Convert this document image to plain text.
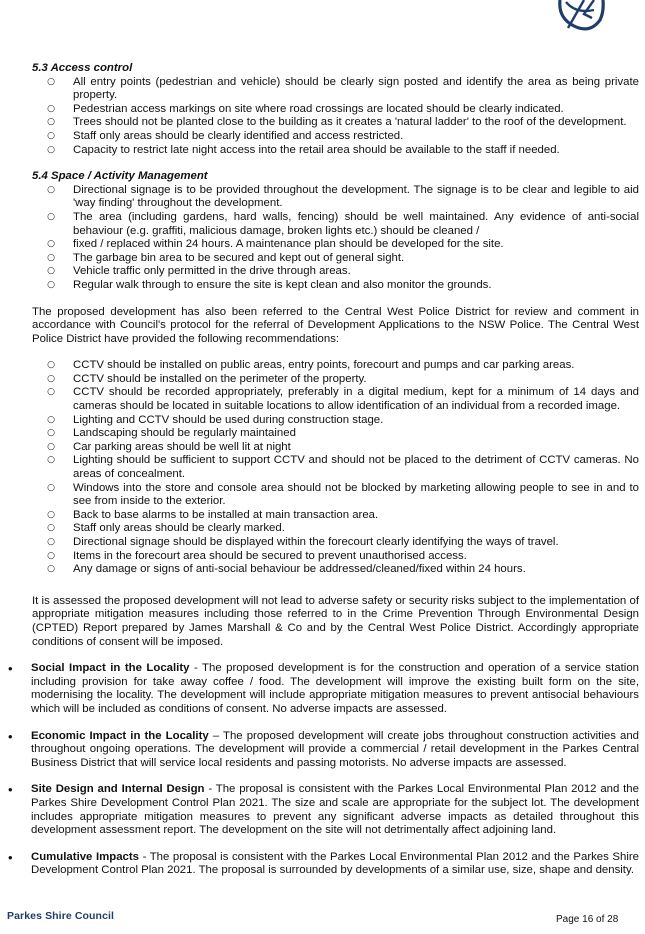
5.3 Access control

○ All entry points (pedestrian and vehicle) should be clearly sign posted and identify the area as being private property.
○ Pedestrian access markings on site where road crossings are located should be clearly indicated.
○ Trees should not be planted close to the building as it creates a 'natural ladder' to the roof of the development.
○ Staff only areas should be clearly identified and access restricted.
○ Capacity to restrict late night access into the retail area should be available to the staff if needed.

5.4 Space / Activity Management

○ Directional signage is to be provided throughout the development. The signage is to be clear and legible to aid 'way finding' throughout the development.
○ The area (including gardens, hard walls, fencing) should be well maintained. Any evidence of anti-social behaviour (e.g. graffiti, malicious damage, broken lights etc.) should be cleaned /
○ fixed / replaced within 24 hours. A maintenance plan should be developed for the site.
○ The garbage bin area to be secured and kept out of general sight.
○ Vehicle traffic only permitted in the drive through areas.
○ Regular walk through to ensure the site is kept clean and also monitor the grounds.

The proposed development has also been referred to the Central West Police District for review and comment in accordance with Council's protocol for the referral of Development Applications to the NSW Police. The Central West Police District have provided the following recommendations:

○ CCTV should be installed on public areas, entry points, forecourt and pumps and car parking areas.
○ CCTV should be installed on the perimeter of the property.
○ CCTV should be recorded appropriately, preferably in a digital medium, kept for a minimum of 14 days and cameras should be located in suitable locations to allow identification of an individual from a recorded image.
○ Lighting and CCTV should be used during construction stage.
○ Landscaping should be regularly maintained
○ Car parking areas should be well lit at night
○ Lighting should be sufficient to support CCTV and should not be placed to the detriment of CCTV cameras. No areas of concealment.
○ Windows into the store and console area should not be blocked by marketing allowing people to see in and to see from inside to the exterior.
○ Back to base alarms to be installed at main transaction area.
○ Staff only areas should be clearly marked.
○ Directional signage should be displayed within the forecourt clearly identifying the ways of travel.
○ Items in the forecourt area should be secured to prevent unauthorised access.
○ Any damage or signs of anti-social behaviour be addressed/cleaned/fixed within 24 hours.

It is assessed the proposed development will not lead to adverse safety or security risks subject to the implementation of appropriate mitigation measures including those referred to in the Crime Prevention Through Environmental Design (CPTED) Report prepared by James Marshall & Co and by the Central West Police District. Accordingly appropriate conditions of consent will be imposed.

• Social Impact in the Locality - The proposed development is for the construction and operation of a service station including provision for take away coffee / food. The development will improve the existing built form on the site, modernising the locality. The development will include appropriate mitigation measures to prevent antisocial behaviours which will be included as conditions of consent. No adverse impacts are assessed.
• Economic Impact in the Locality – The proposed development will create jobs throughout construction activities and throughout ongoing operations. The development will provide a commercial / retail development in the Parkes Central Business District that will service local residents and passing motorists. No adverse impacts are assessed.
• Site Design and Internal Design - The proposal is consistent with the Parkes Local Environmental Plan 2012 and the Parkes Shire Development Control Plan 2021. The size and scale are appropriate for the subject lot. The development includes appropriate mitigation measures to prevent any significant adverse impacts as detailed throughout this development assessment report. The development on the site will not detrimentally affect adjoining land.
• Cumulative Impacts - The proposal is consistent with the Parkes Local Environmental Plan 2012 and the Parkes Shire Development Control Plan 2021. The proposal is surrounded by developments of a similar use, size, shape and density.
Parkes Shire Council	Page 16 of 28
